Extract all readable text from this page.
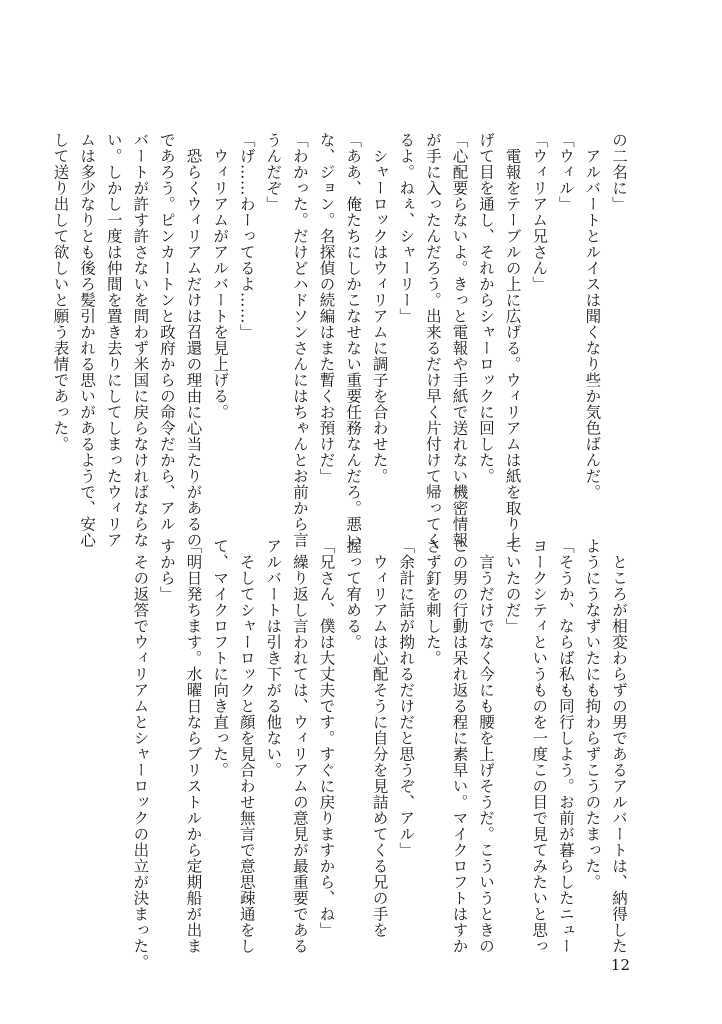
の二名に」
　アルバートとルイスは聞くなり些か気色ばんだ。
「ウィル」
「ウィリアム兄さん」
　電報をテーブルの上に広げる。ウィリアムは紙を取り上
げて目を通し、それからシャーロックに回した。
「心配要らないよ。きっと電報や手紙で送れない機密情報
が手に入ったんだろう。出来るだけ早く片付けて帰ってく
るよ。ねぇ、シャーリー」
　シャーロックはウィリアムに調子を合わせた。
「ああ、俺たちにしかこなせない重要任務なんだろ。悪い
な、ジョン。名探偵の続編はまた暫くお預けだ」
「わかった。だけどハドソンさんにはちゃんとお前から言
うんだぞ」
「げ……わーってるよ……」
　ウィリアムがアルバートを見上げる。
　恐らくウィリアムだけは召還の理由に心当たりがあるの
であろう。ピンカートンと政府からの命令だから、アル
バートが許す許さないを問わず米国に戻らなければならな
い。しかし一度は仲間を置き去りにしてしまったウィリア
ムは多少なりとも後ろ髪引かれる思いがあるようで、安心
して送り出して欲しいと願う表情であった。
　ところが相変わらずの男であるアルバートは、納得した
ようにうなずいたにも拘わらずこうのたまった。
「そうか、ならば私も同行しよう。お前が暮らしたニュー
ヨークシティというものを一度この目で見てみたいと思っ
ていたのだ」
　言うだけでなく今にも腰を上げそうだ。こういうときの
この男の行動は呆れ返る程に素早い。マイクロフトはすか
さず釘を刺した。
「余計に話が拗れるだけだと思うぞ、アル」
　ウィリアムは心配そうに自分を見詰めてくる兄の手を
握って宥める。
「兄さん、僕は大丈夫です。すぐに戻りますから、ね」
　繰り返し言われては、ウィリアムの意見が最重要である
アルバートは引き下がる他ない。
　そしてシャーロックと顔を見合わせ無言で意思疎通をし
て、マイクロフトに向き直った。
「明日発ちます。水曜日ならブリストルから定期船が出ま
すから」
　その返答でウィリアムとシャーロックの出立が決まった。	12
